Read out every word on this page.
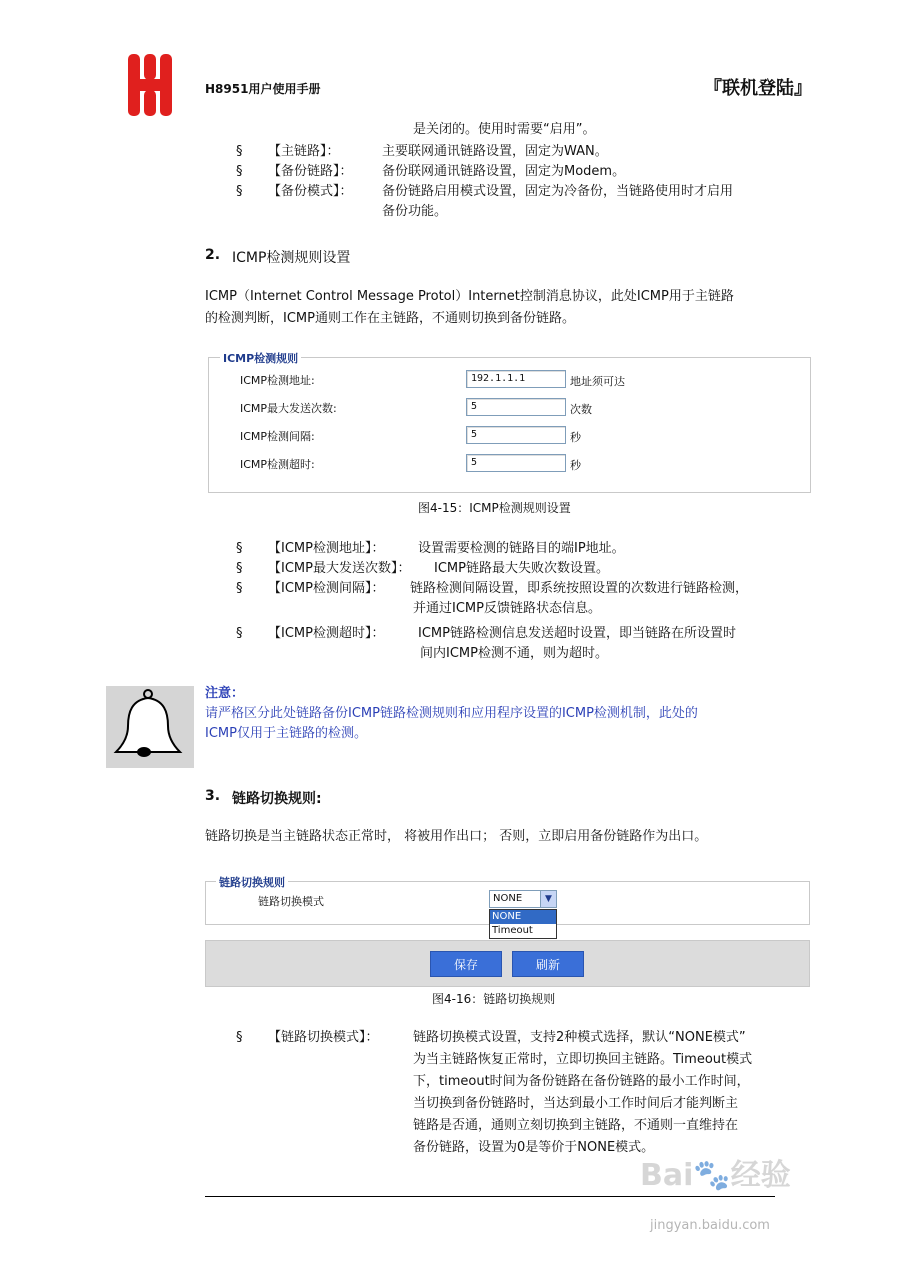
H8951用户使用手册	『联机登陆』
是关闭的。使用时需要“启用”。
§ 【主链路】：	主要联网通讯链路设置，固定为WAN。
§ 【备份链路】： 备份联网通讯链路设置，固定为Modem。
§ 【备份模式】： 备份链路启用模式设置，固定为冷备份，当链路使用时才启用
备份功能。
2. ICMP检测规则设置
ICMP（Internet Control Message Protol）Internet控制消息协议，此处ICMP用于主链路
的检测判断，ICMP通则工作在主链路，不通则切换到备份链路。
ICMP检测规则
ICMP检测地址:	192.1.1.1	地址须可达
ICMP最大发送次数:	5	次数
ICMP检测间隔:	5	秒
ICMP检测超时:	5	秒
图4-15：ICMP检测规则设置
§ 【ICMP检测地址】：	设置需要检测的链路目的端IP地址。
§ 【ICMP最大发送次数】： ICMP链路最大失败次数设置。
§ 【ICMP检测间隔】： 链路检测间隔设置，即系统按照设置的次数进行链路检测，
并通过ICMP反馈链路状态信息。
§ 【ICMP检测超时】：	ICMP链路检测信息发送超时设置，即当链路在所设置时
间内ICMP检测不通，则为超时。
注意：
请严格区分此处链路备份ICMP链路检测规则和应用程序设置的ICMP检测机制，此处的
ICMP仅用于主链路的检测。
3. 链路切换规则:
链路切换是当主链路状态正常时， 将被用作出口； 否则，立即启用备份链路作为出口。
链路切换规则
链路切换模式	NONE	▼
NONE
Timeout
保存	刷新
图4-16：链路切换规则
§ 【链路切换模式】：	链路切换模式设置，支持2种模式选择，默认“NONE模式”
为当主链路恢复正常时，立即切换回主链路。Timeout模式
下，timeout时间为备份链路在备份链路的最小工作时间，
当切换到备份链路时，当达到最小工作时间后才能判断主
链路是否通，通则立刻切换到主链路，不通则一直维持在
备份链路，设置为0是等价于NONE模式。
Bai🐾经验
jingyan.baidu.com
